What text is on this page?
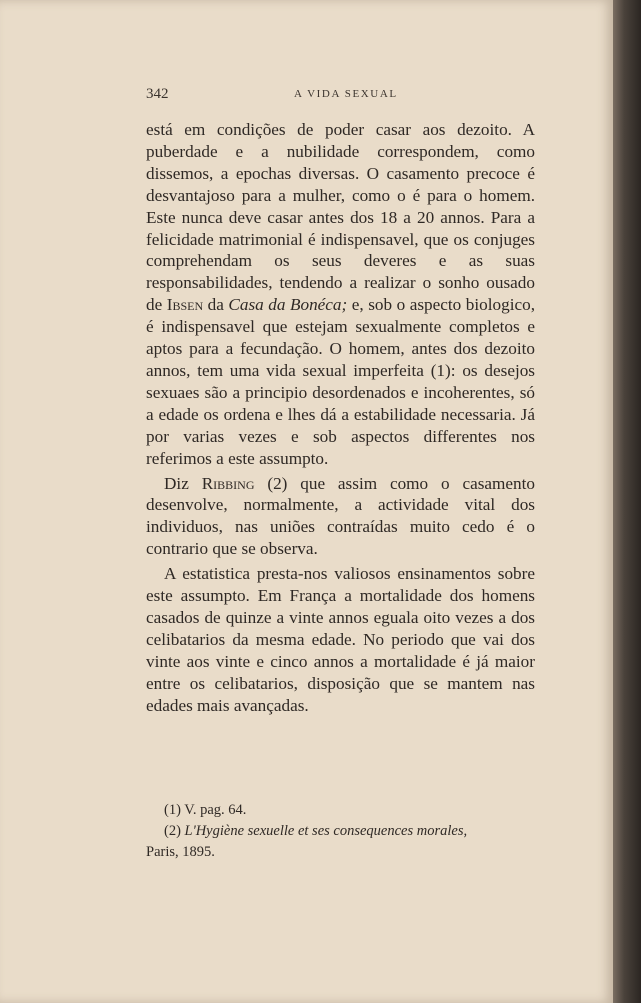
342	A VIDA SEXUAL

está em condições de poder casar aos dezoito. A puberdade e a nubilidade correspondem, como dissemos, a epochas diversas. O casamento precoce é desvantajoso para a mulher, como o é para o homem. Este nunca deve casar antes dos 18 a 20 annos. Para a felicidade matrimonial é indispensavel, que os conjuges comprehendam os seus deveres e as suas responsabilidades, tendendo a realizar o sonho ousado de Ibsen da Casa da Bonéca; e, sob o aspecto biologico, é indispensavel que estejam sexualmente completos e aptos para a fecundação. O homem, antes dos dezoito annos, tem uma vida sexual imperfeita (1): os desejos sexuaes são a principio desordenados e incoherentes, só a edade os ordena e lhes dá a estabilidade necessaria. Já por varias vezes e sob aspectos differentes nos referimos a este assumpto.

Diz Ribbing (2) que assim como o casamento desenvolve, normalmente, a actividade vital dos individuos, nas uniões contraídas muito cedo é o contrario que se observa.

A estatistica presta-nos valiosos ensinamentos sobre este assumpto. Em França a mortalidade dos homens casados de quinze a vinte annos eguala oito vezes a dos celibatarios da mesma edade. No periodo que vai dos vinte aos vinte e cinco annos a mortalidade é já maior entre os celibatarios, disposição que se mantem nas edades mais avançadas.

(1) V. pag. 64.

(2) L'Hygiène sexuelle et ses consequences morales,
Paris, 1895.
